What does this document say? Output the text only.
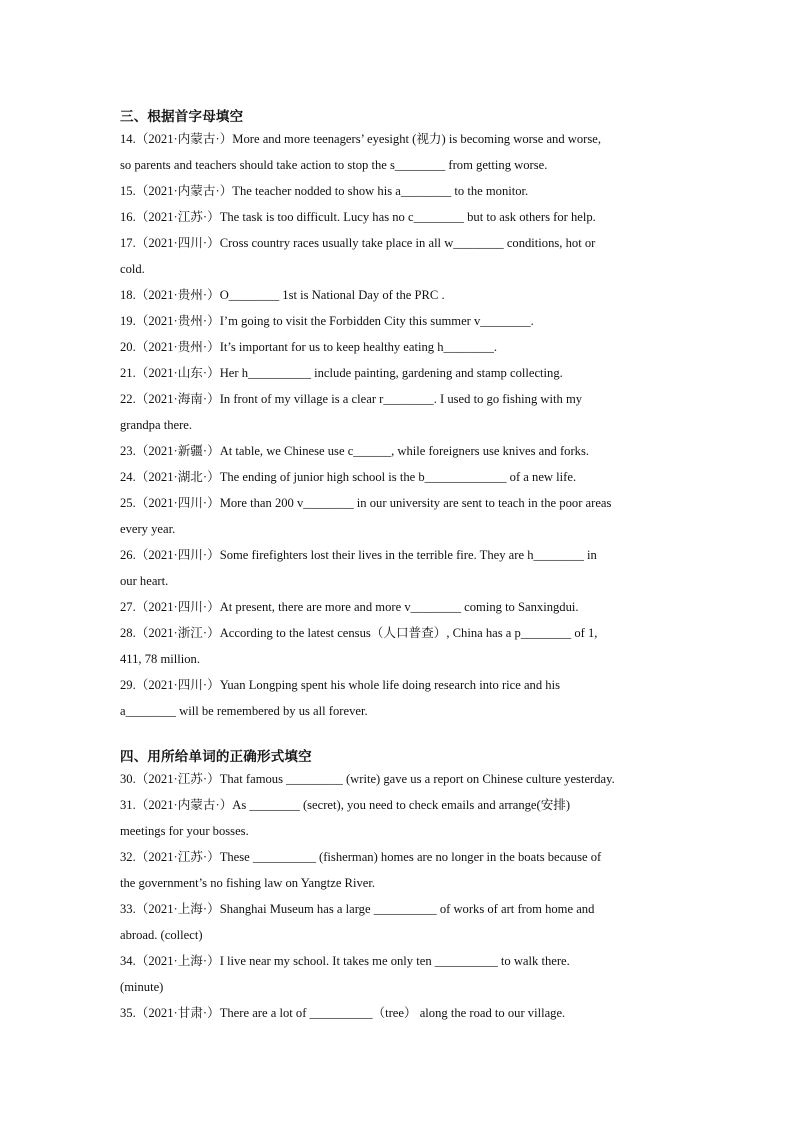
三、根据首字母填空

14.（2021·内蒙古·）More and more teenagers’ eyesight (视力) is becoming worse and worse,

so parents and teachers should take action to stop the s________ from getting worse.

15.（2021·内蒙古·）The teacher nodded to show his a________ to the monitor.

16.（2021·江苏·）The task is too difficult. Lucy has no c________ but to ask others for help.

17.（2021·四川·）Cross country races usually take place in all w________ conditions, hot or

cold.

18.（2021·贵州·）O________ 1st is National Day of the PRC .

19.（2021·贵州·）I’m going to visit the Forbidden City this summer v________.

20.（2021·贵州·）It’s important for us to keep healthy eating h________.

21.（2021·山东·）Her h__________ include painting, gardening and stamp collecting.

22.（2021·海南·）In front of my village is a clear r________. I used to go fishing with my

grandpa there.

23.（2021·新疆·）At table, we Chinese use c______, while foreigners use knives and forks.

24.（2021·湖北·）The ending of junior high school is the b_____________ of a new life.

25.（2021·四川·）More than 200 v________ in our university are sent to teach in the poor areas

every year.

26.（2021·四川·）Some firefighters lost their lives in the terrible fire. They are h________ in

our heart.

27.（2021·四川·）At present, there are more and more v________ coming to Sanxingdui.

28.（2021·浙江·）According to the latest census（人口普查）, China has a p________ of 1,

411, 78 million.

29.（2021·四川·）Yuan Longping spent his whole life doing research into rice and his

a________ will be remembered by us all forever.

四、用所给单词的正确形式填空

30.（2021·江苏·）That famous _________ (write) gave us a report on Chinese culture yesterday.

31.（2021·内蒙古·）As ________ (secret), you need to check emails and arrange(安排)

meetings for your bosses.

32.（2021·江苏·）These __________ (fisherman) homes are no longer in the boats because of

the government’s no fishing law on Yangtze River.

33.（2021·上海·）Shanghai Museum has a large __________ of works of art from home and

abroad. (collect)

34.（2021·上海·）I live near my school. It takes me only ten __________ to walk there.

(minute)

35.（2021·甘肃·）There are a lot of __________（tree） along the road to our village.
